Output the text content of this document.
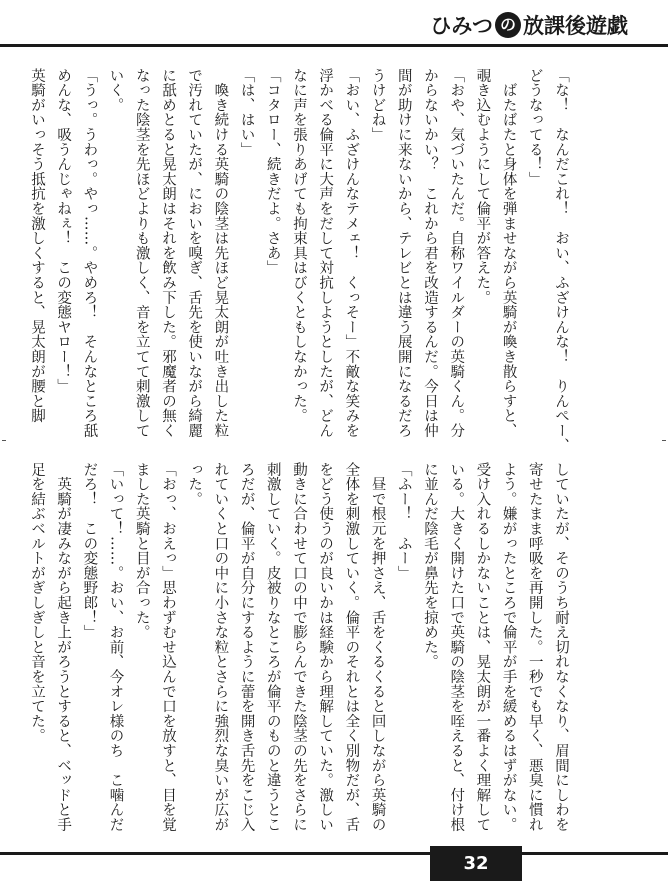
ひみつ の 放課後遊戯
「な！　なんだこれ！　おい、ふざけんな！　りんぺー、
どうなってる！」
　ばたばたと身体を弾ませながら英騎が喚き散らすと、
覗き込むようにして倫平が答えた。
「おや、気づいたんだ。自称ワイルダーの英騎くん。分
からないかい？　これから君を改造するんだ。今日は仲
間が助けに来ないから、テレビとは違う展開になるだろ
うけどね」
「おい、ふざけんなテメェ！　くっそー」不敵な笑みを
浮かべる倫平に大声をだして対抗しようとしたが、どん
なに声を張りあげても拘束具はびくともしなかった。
「コタロー、続きだよ。さあ」
「は、はい」
　喚き続ける英騎の陰茎は先ほど晃太朗が吐き出した粒
で汚れていたが、においを嗅ぎ、舌先を使いながら綺麗
に舐めとると晃太朗はそれを飲み下した。邪魔者の無く
なった陰茎を先ほどよりも激しく、音を立てて刺激して
いく。
「うっ。うわっ。やっ……。やめろ！　そんなところ舐
めんな、吸うんじゃねぇ！　この変態ヤロー！」
英騎がいっそう抵抗を激しくすると、晃太朗が腰と脚
していたが、そのうち耐え切れなくなり、眉間にしわを
寄せたまま呼吸を再開した。一秒でも早く、悪臭に慣れ
よう。嫌がったところで倫平が手を緩めるはずがない。
受け入れるしかないことは、晃太朗が一番よく理解して
いる。大きく開けた口で英騎の陰茎を咥えると、付け根
に並んだ陰毛が鼻先を掠めた。
「ふー！　ふー」
　昼で根元を押さえ、舌をくるくると回しながら英騎の
全体を刺激していく。倫平のそれとは全く別物だが、舌
をどう使うのが良いかは経験から理解していた。激しい
動きに合わせて口の中で膨らんできた陰茎の先をさらに
刺激していく。皮被りなところが倫平のものと違うとこ
ろだが、倫平が自分にするように蕾を開き舌先をこじ入
れていくと口の中に小さな粒とさらに強烈な臭いが広が
った。
「おっ、おえっ」思わずむせ込んで口を放すと、目を覚
ました英騎と目が合った。
「いって！……。おい、お前、今オレ様のち　こ噛んだ
だろ！　この変態野郎！」
　英騎が凄みながら起き上がろうとすると、ベッドと手
足を結ぶベルトがぎしぎしと音を立てた。
32
